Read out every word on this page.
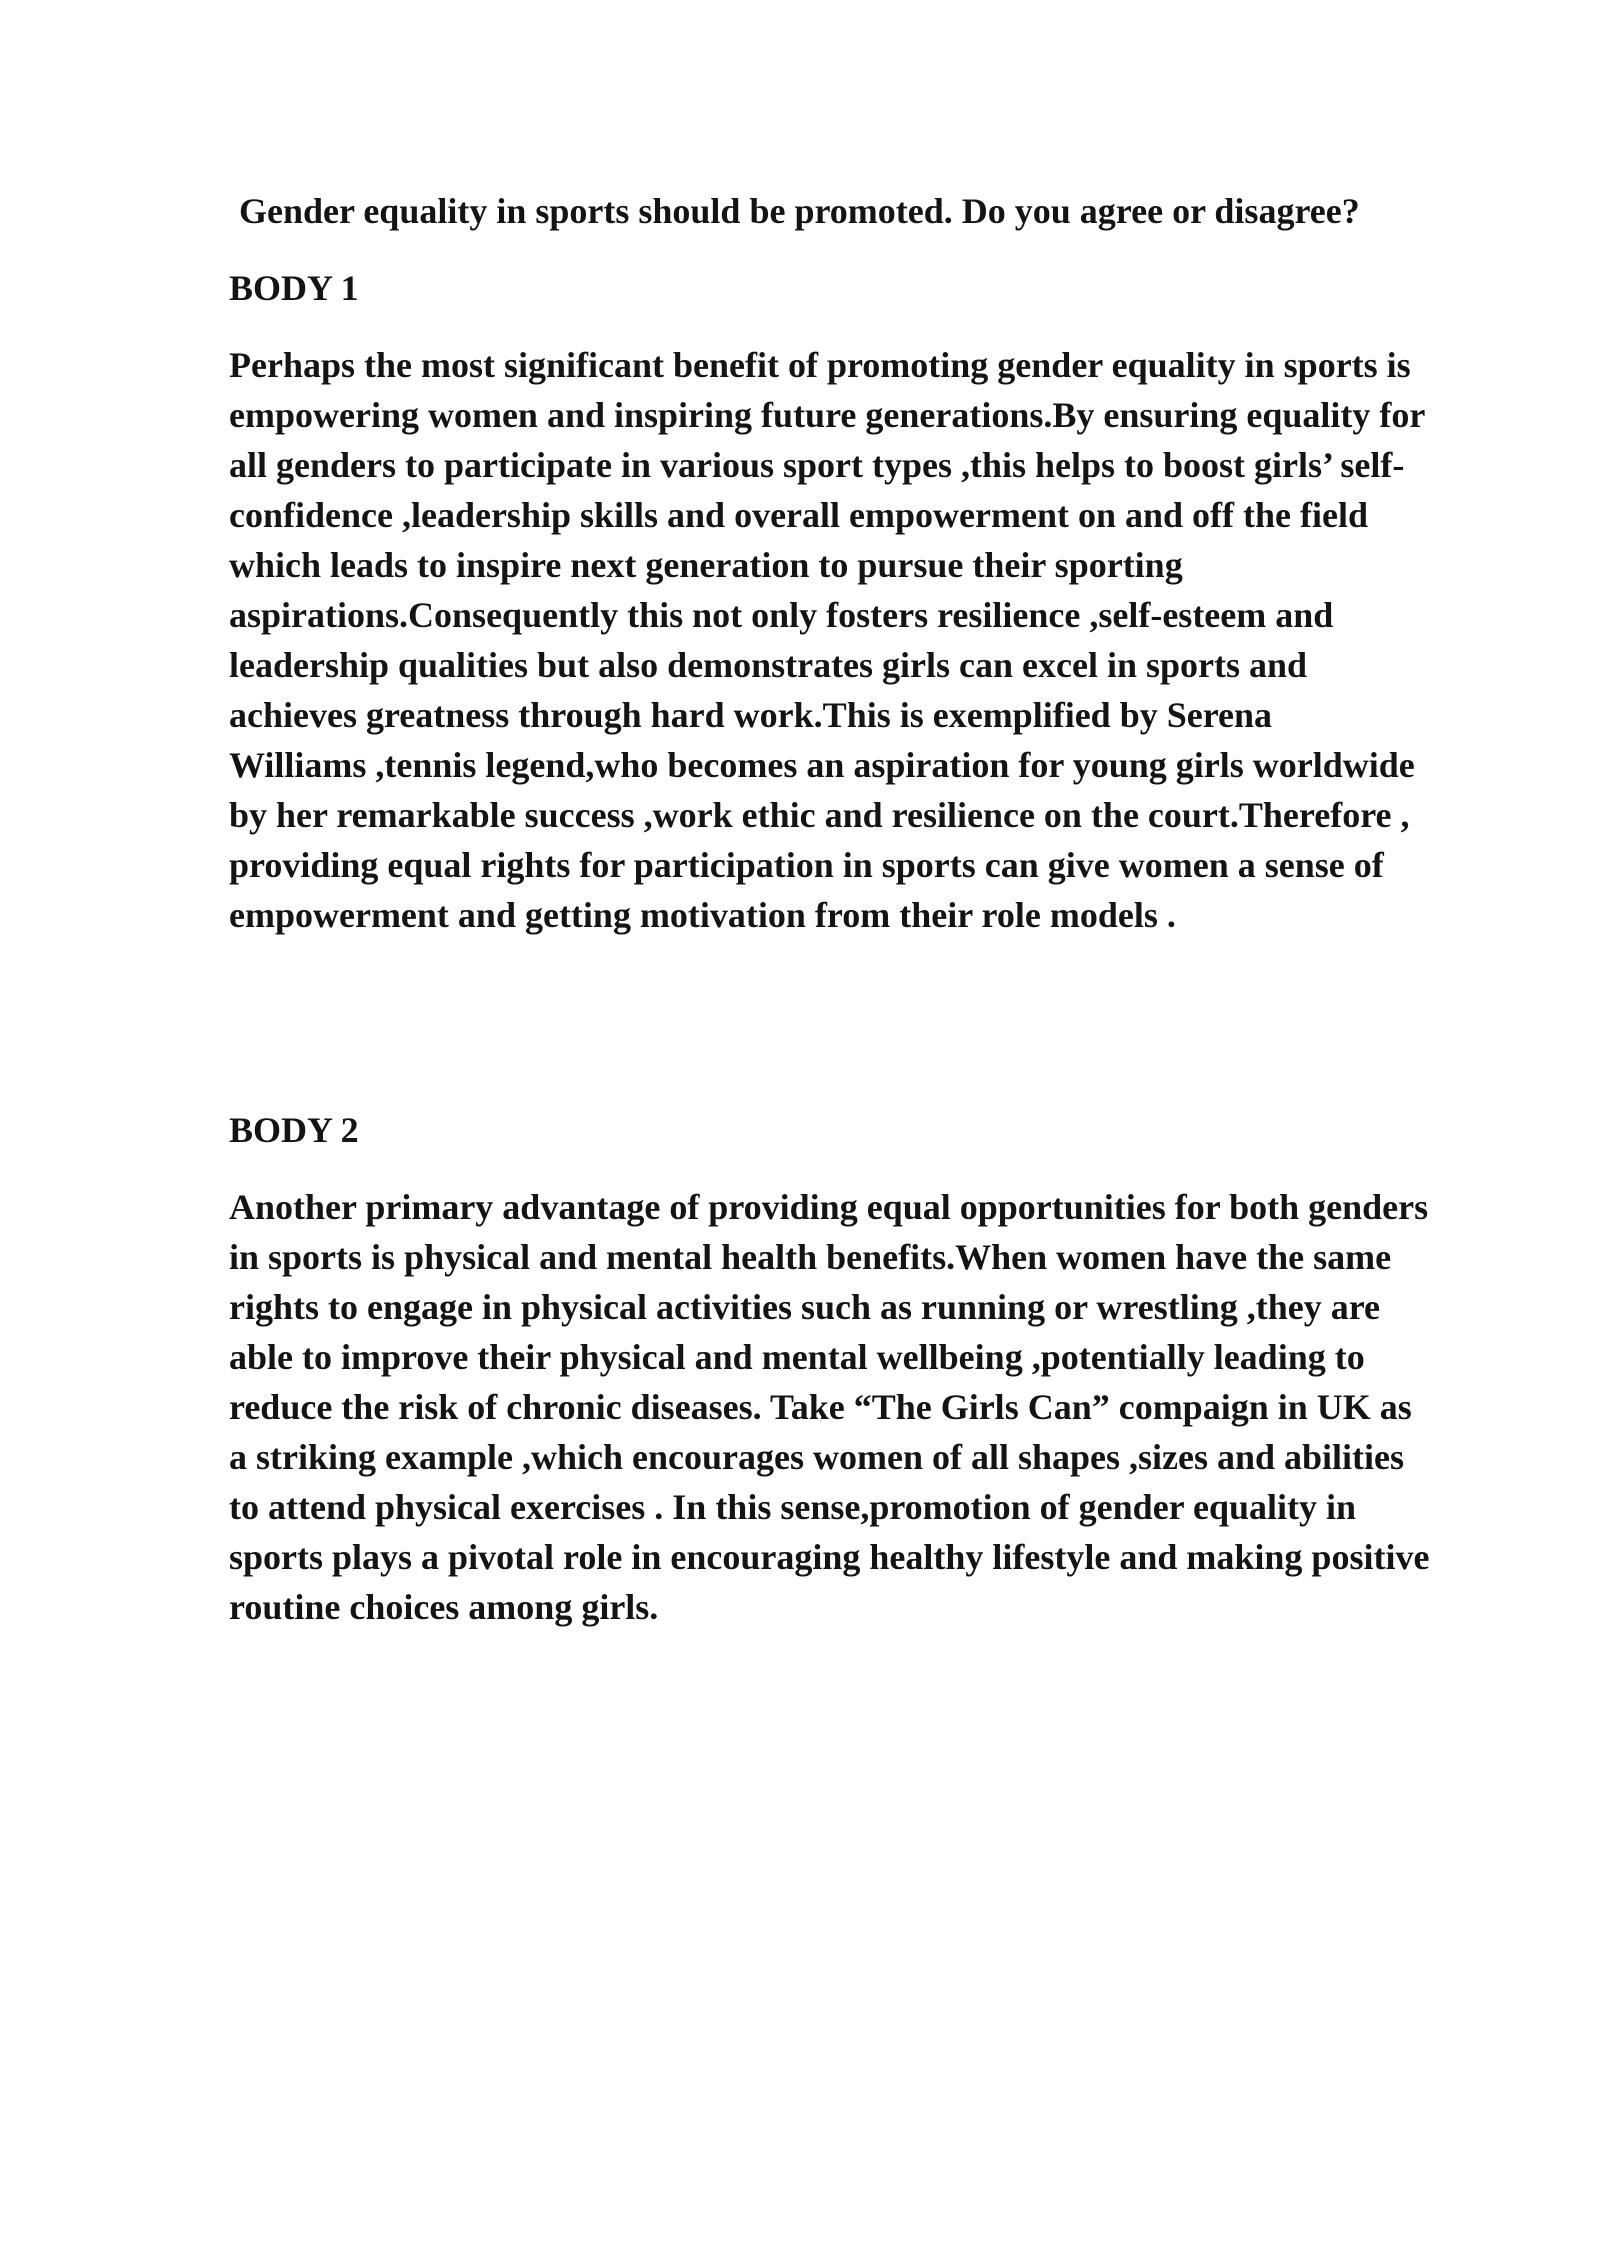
Gender equality in sports should be promoted. Do you agree or disagree?
BODY 1
Perhaps the most significant benefit of promoting gender equality in sports is
empowering women and inspiring future generations.By ensuring equality for
all genders to participate in various sport types ,this helps to boost girls’ self-
confidence ,leadership skills and overall empowerment on and off the field
which leads to inspire next generation to pursue their sporting
aspirations.Consequently this not only fosters resilience ,self-esteem and
leadership qualities but also demonstrates girls can excel in sports and
achieves greatness through hard work.This is exemplified by Serena
Williams ,tennis legend,who becomes an aspiration for young girls worldwide
by her remarkable success ,work ethic and resilience on the court.Therefore ,
providing equal rights for participation in sports can give women a sense of
empowerment and getting motivation from their role models .
BODY 2
Another primary advantage of providing equal opportunities for both genders
in sports is physical and mental health benefits.When women have the same
rights to engage in physical activities such as running or wrestling ,they are
able to improve their physical and mental wellbeing ,potentially leading to
reduce the risk of chronic diseases. Take “The Girls Can” compaign in UK as
a striking example ,which encourages women of all shapes ,sizes and abilities
to attend physical exercises . In this sense,promotion of gender equality in
sports plays a pivotal role in encouraging healthy lifestyle and making positive
routine choices among girls.
